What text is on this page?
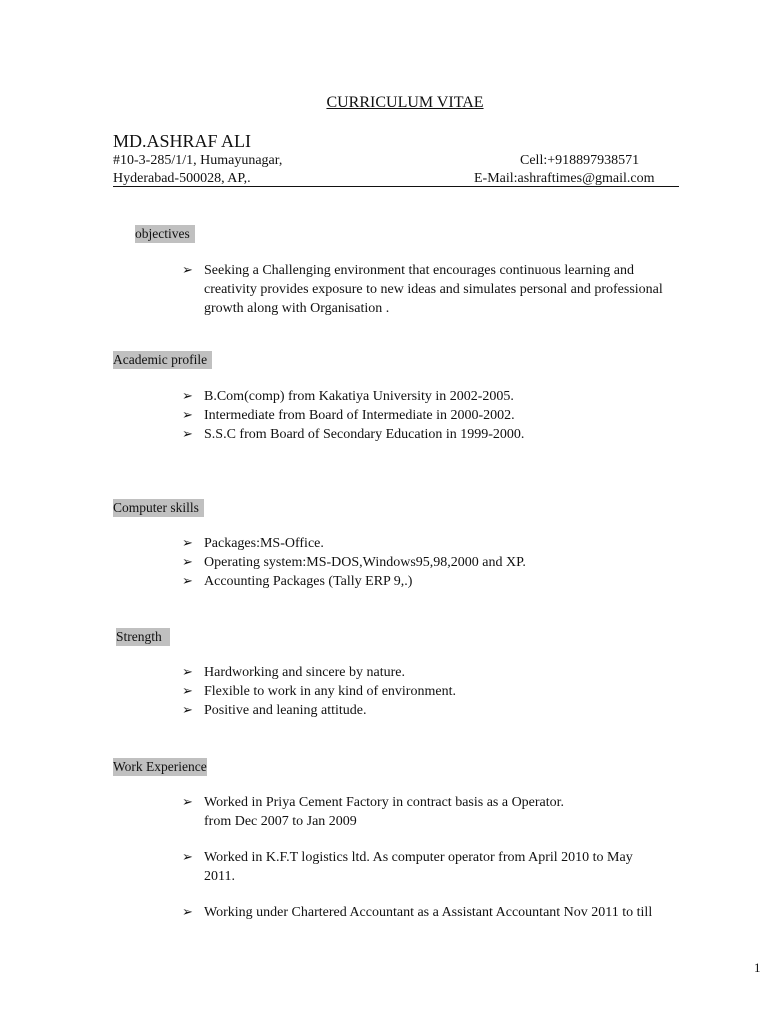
CURRICULUM VITAE
MD.ASHRAF ALI
#10-3-285/1/1, Humayunagar,	Cell:+918897938571
Hyderabad-500028, AP,.	E-Mail:ashraftimes@gmail.com
objectives
➢ Seeking a Challenging environment that encourages continuous learning and creativity provides exposure to new ideas and simulates personal and professional growth along with Organisation .
Academic profile
➢ B.Com(comp) from Kakatiya University in 2002-2005.
➢ Intermediate from Board of Intermediate in 2000-2002.
➢ S.S.C from Board of Secondary Education in 1999-2000.
Computer skills
➢ Packages:MS-Office.
➢ Operating system:MS-DOS,Windows95,98,2000 and XP.
➢ Accounting Packages (Tally ERP 9,.)
Strength
➢ Hardworking and sincere by nature.
➢ Flexible to work in any kind of environment.
➢ Positive and leaning attitude.
Work Experience
➢ Worked in Priya Cement Factory in contract basis as a Operator.
from Dec 2007 to Jan 2009
➢ Worked in K.F.T logistics ltd. As computer operator from April 2010 to May
2011.
➢ Working under Chartered Accountant as a Assistant Accountant Nov 2011 to till
1
